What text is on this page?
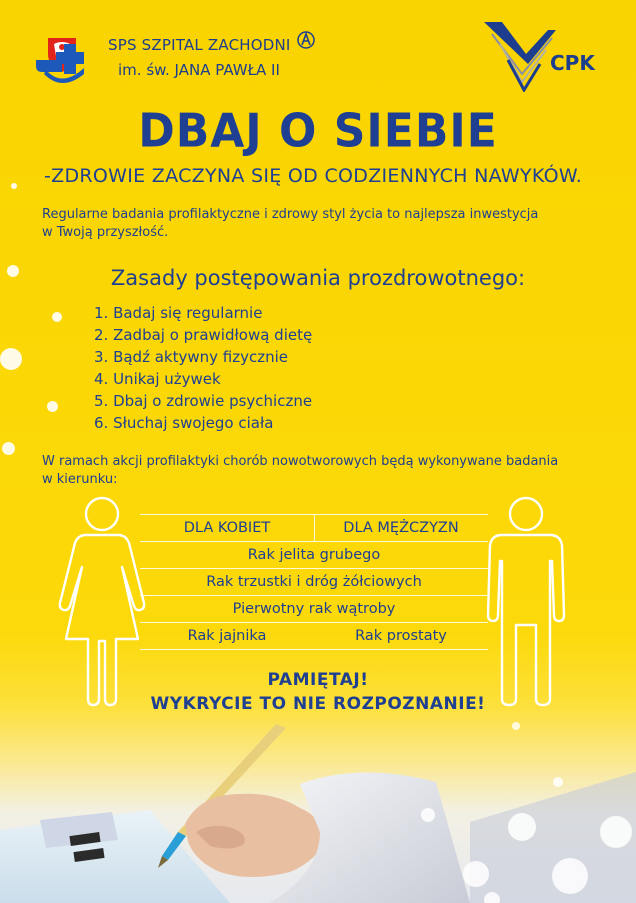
SPS SZPITAL ZACHODNI
im. św. JANA PAWŁA II	CPK
DBAJ O SIEBIE
-ZDROWIE ZACZYNA SIĘ OD CODZIENNYCH NAWYKÓW.
Regularne badania profilaktyczne i zdrowy styl życia to najlepsza inwestycja
w Twoją przyszłość.
Zasady postępowania prozdrowotnego:
1. Badaj się regularnie
2. Zadbaj o prawidłową dietę
3. Bądź aktywny fizycznie
4. Unikaj używek
5. Dbaj o zdrowie psychiczne
6. Słuchaj swojego ciała
W ramach akcji profilaktyki chorób nowotworowych będą wykonywane badania
w kierunku:
DLA KOBIET	DLA MĘŻCZYZN
Rak jelita grubego
Rak trzustki i dróg żółciowych
Pierwotny rak wątroby
Rak jajnika	Rak prostaty
PAMIĘTAJ!
WYKRYCIE TO NIE ROZPOZNANIE!
